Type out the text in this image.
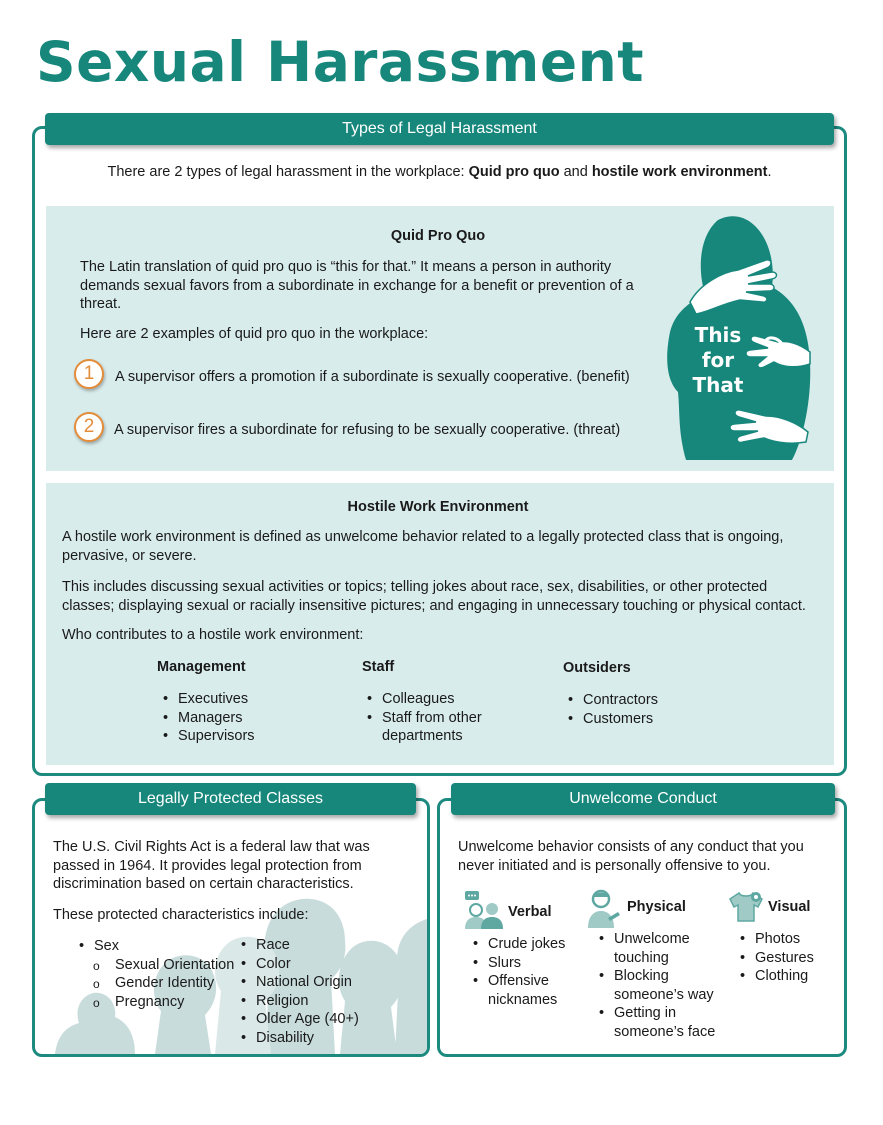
Sexual Harassment
Types of Legal Harassment
There are 2 types of legal harassment in the workplace: Quid pro quo and hostile work environment.
Quid Pro Quo
The Latin translation of quid pro quo is “this for that.” It means a person in authority demands sexual favors from a subordinate in exchange for a benefit or prevention of a threat.
Here are 2 examples of quid pro quo in the workplace:
1	A supervisor offers a promotion if a subordinate is sexually cooperative. (benefit)
2	A supervisor fires a subordinate for refusing to be sexually cooperative. (threat)
This
for
That
Hostile Work Environment
A hostile work environment is defined as unwelcome behavior related to a legally protected class that is ongoing, pervasive, or severe.
This includes discussing sexual activities or topics; telling jokes about race, sex, disabilities, or other protected classes; displaying sexual or racially insensitive pictures; and engaging in unnecessary touching or physical contact.
Who contributes to a hostile work environment:
Management
• Executives
• Managers
• Supervisors
Staff
• Colleagues
• Staff from other departments
Outsiders
• Contractors
• Customers
Legally Protected Classes
The U.S. Civil Rights Act is a federal law that was passed in 1964. It provides legal protection from discrimination based on certain characteristics.
These protected characteristics include:
• Sex
o Sexual Orientation
o Gender Identity
o Pregnancy
• Race
• Color
• National Origin
• Religion
• Older Age (40+)
• Disability
Unwelcome Conduct
Unwelcome behavior consists of any conduct that you never initiated and is personally offensive to you.
Verbal
• Crude jokes
• Slurs
• Offensive nicknames
Physical
• Unwelcome touching
• Blocking someone’s way
• Getting in someone’s face
Visual
• Photos
• Gestures
• Clothing
